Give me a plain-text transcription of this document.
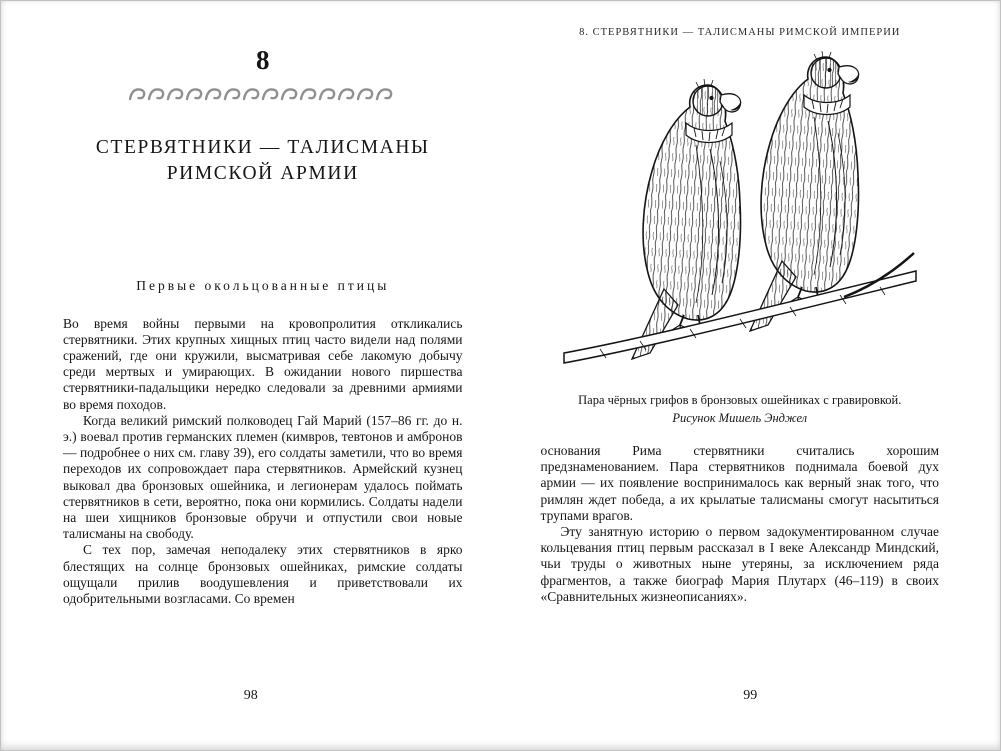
8
СТЕРВЯТНИКИ — ТАЛИСМАНЫ
РИМСКОЙ АРМИИ
Первые окольцованные птицы

Во время войны первыми на кровопролития откликались стервятники. Этих крупных хищных птиц часто видели над полями сражений, где они кружили, высматривая себе лакомую добычу среди мертвых и умирающих. В ожидании нового пиршества стервятники-падальщики нередко следовали за древними армиями во время походов.

Когда великий римский полководец Гай Марий (157–86 гг. до н. э.) воевал против германских племен (кимвров, тевтонов и амбронов — подробнее о них см. главу 39), его солдаты заметили, что во время переходов их сопровождает пара стервятников. Армейский кузнец выковал два бронзовых ошейника, и легионерам удалось поймать стервятников в сети, вероятно, пока они кормились. Солдаты надели на шеи хищников бронзовые обручи и отпустили свои новые талисманы на свободу.

С тех пор, замечая неподалеку этих стервятников в ярко блестящих на солнце бронзовых ошейниках, римские солдаты ощущали прилив воодушевления и приветствовали их одобрительными возгласами. Со времен

98
8. СТЕРВЯТНИКИ — ТАЛИСМАНЫ РИМСКОЙ ИМПЕРИИ
Пара чёрных грифов в бронзовых ошейниках с гравировкой.
Рисунок Мишель Энджел

основания Рима стервятники считались хорошим предзнаменованием. Пара стервятников поднимала боевой дух армии — их появление воспринималось как верный знак того, что римлян ждет победа, а их крылатые талисманы смогут насытиться трупами врагов.

Эту занятную историю о первом задокументированном случае кольцевания птиц первым рассказал в I веке Александр Миндский, чьи труды о животных ныне утеряны, за исключением ряда фрагментов, а также биограф Мария Плутарх (46–119) в своих «Сравнительных жизнеописаниях».

99
